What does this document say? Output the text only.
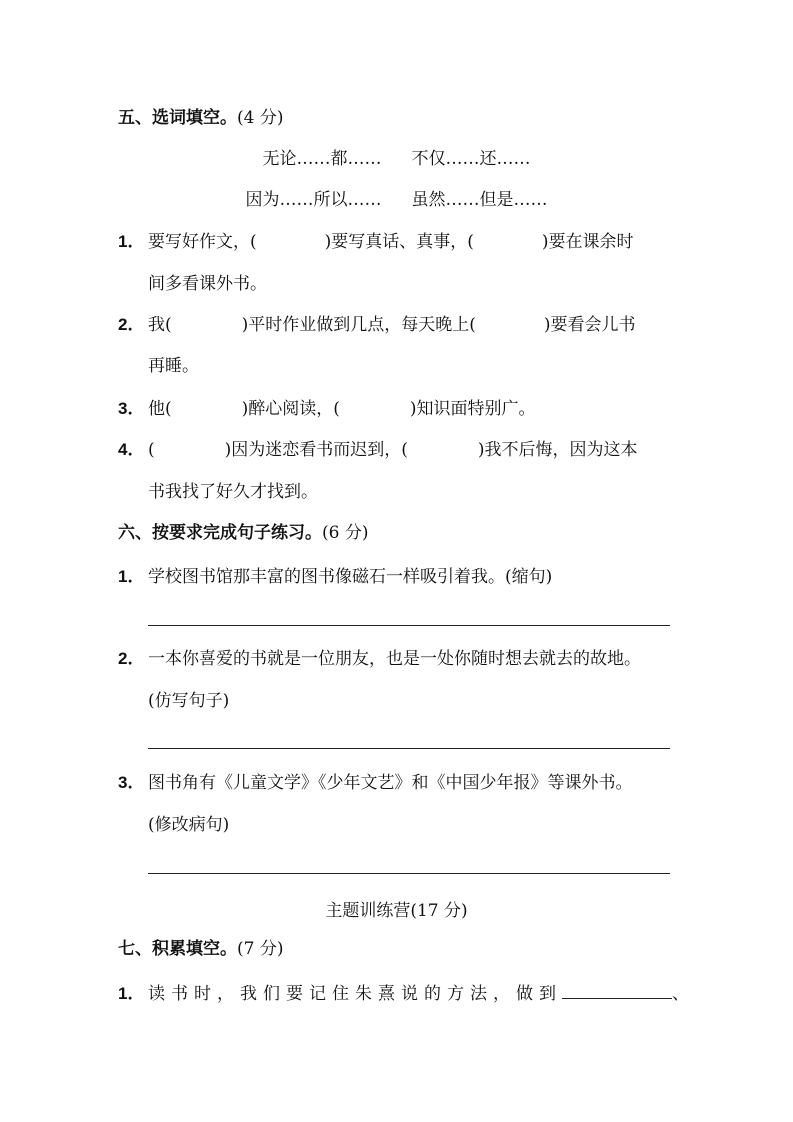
五、选词填空。(4 分)
无论……都…… 不仅……还……
因为……所以…… 虽然……但是……
1． 要写好作文，(	)要写真话、真事，(	)要在课余时
间多看课外书。
2． 我(	)平时作业做到几点，每天晚上(	)要看会儿书
再睡。
3． 他(	)醉心阅读，(	)知识面特别广。
4． (	)因为迷恋看书而迟到，(	)我不后悔，因为这本
书我找了好久才找到。
六、按要求完成句子练习。(6 分)
1． 学校图书馆那丰富的图书像磁石一样吸引着我。(缩句)
2． 一本你喜爱的书就是一位朋友，也是一处你随时想去就去的故地。
(仿写句子)
3． 图书角有《儿童文学》《少年文艺》和《中国少年报》等课外书。
(修改病句)
主题训练营(17 分)
七、积累填空。(7 分)
1． 读书时，我们要记住朱熹说的方法，做到	、
